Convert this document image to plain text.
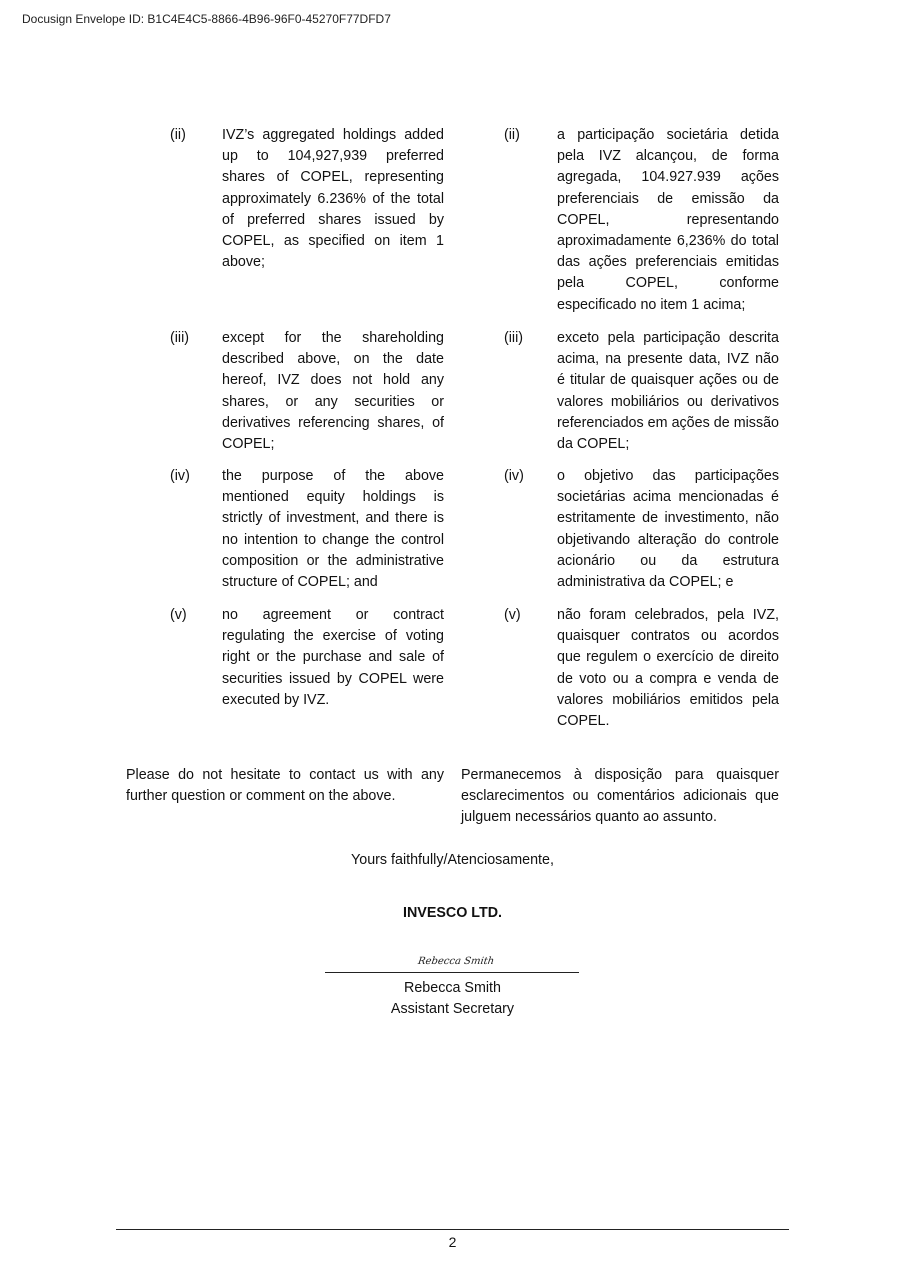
Docusign Envelope ID: B1C4E4C5-8866-4B96-96F0-45270F77DFD7
(ii)	IVZ’s aggregated holdings added up to 104,927,939 preferred shares of COPEL, representing approximately 6.236% of the total of preferred shares issued by COPEL, as specified on item 1 above;

(ii)	a participação societária detida pela IVZ alcançou, de forma agregada, 104.927.939 ações preferenciais de emissão da COPEL, representando aproximadamente 6,236% do total das ações preferenciais emitidas pela COPEL, conforme especificado no item 1 acima;

(iii) except for the shareholding described above, on the date hereof, IVZ does not hold any shares, or any securities or derivatives referencing shares, of COPEL;

(iii) exceto pela participação descrita acima, na presente data, IVZ não é titular de quaisquer ações ou de valores mobiliários ou derivativos referenciados em ações de missão da COPEL;

(iv) the purpose of the above mentioned equity holdings is strictly of investment, and there is no intention to change the control composition or the administrative structure of COPEL; and

(iv) o objetivo das participações societárias acima mencionadas é estritamente de investimento, não objetivando alteração do controle acionário ou da estrutura administrativa da COPEL; e

(v) no agreement or contract regulating the exercise of voting right or the purchase and sale of securities issued by COPEL were executed by IVZ.

(v)	não foram celebrados, pela IVZ, quaisquer contratos ou acordos que regulem o exercício de direito de voto ou a compra e venda de valores mobiliários emitidos pela COPEL.

Please do not hesitate to contact us with any further question or comment on the above.

Permanecemos à disposição para quaisquer esclarecimentos ou comentários adicionais que julguem necessários quanto ao assunto.

Yours faithfully/Atenciosamente,
INVESCO LTD.
Rebecca Smith
Rebecca Smith
Assistant Secretary
2
